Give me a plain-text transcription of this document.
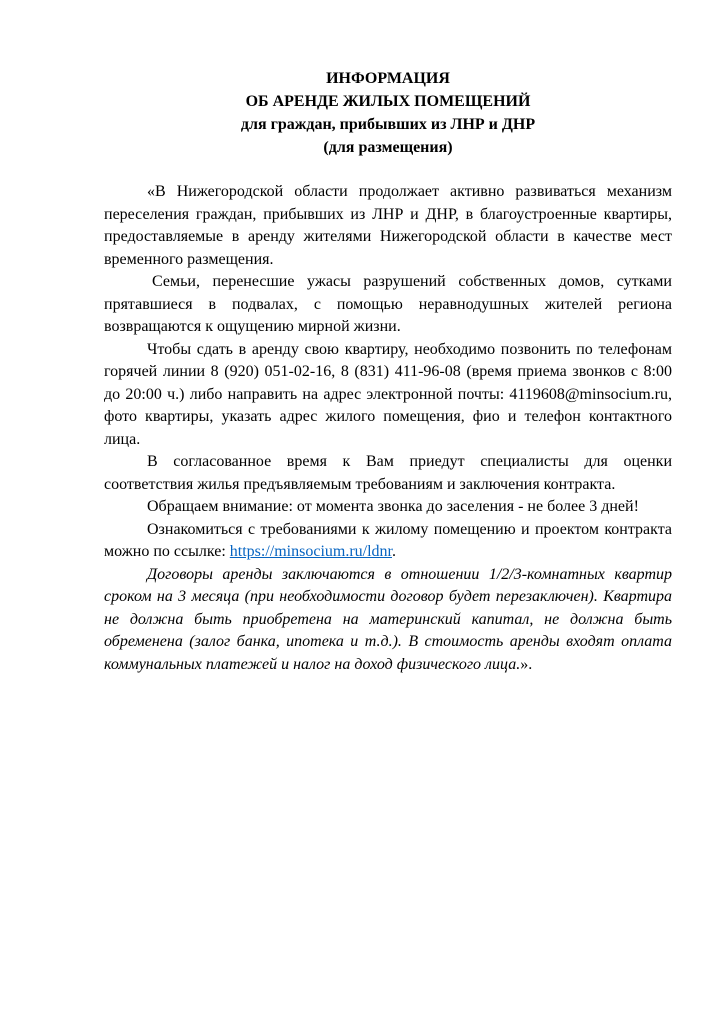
ИНФОРМАЦИЯ

ОБ АРЕНДЕ ЖИЛЫХ ПОМЕЩЕНИЙ

для граждан, прибывших из ЛНР и ДНР

(для размещения)

«В Нижегородской области продолжает активно развиваться механизм переселения граждан, прибывших из ЛНР и ДНР, в благоустроенные квартиры, предоставляемые в аренду жителями Нижегородской области в качестве мест временного размещения.

Семьи, перенесшие ужасы разрушений собственных домов, сутками прятавшиеся в подвалах, с помощью неравнодушных жителей региона возвращаются к ощущению мирной жизни.

Чтобы сдать в аренду свою квартиру, необходимо позвонить по телефонам горячей линии 8 (920) 051-02-16, 8 (831) 411-96-08 (время приема звонков с 8:00 до 20:00 ч.) либо направить на адрес электронной почты: 4119608@minsocium.ru, фото квартиры, указать адрес жилого помещения, фио и телефон контактного лица.

В согласованное время к Вам приедут специалисты для оценки соответствия жилья предъявляемым требованиям и заключения контракта.

Обращаем внимание: от момента звонка до заселения - не более 3 дней!

Ознакомиться с требованиями к жилому помещению и проектом контракта можно по ссылке: https://minsocium.ru/ldnr.

Договоры аренды заключаются в отношении 1/2/3-комнатных квартир сроком на 3 месяца (при необходимости договор будет перезаключен). Квартира не должна быть приобретена на материнский капитал, не должна быть обременена (залог банка, ипотека и т.д.). В стоимость аренды входят оплата коммунальных платежей и налог на доход физического лица.».
